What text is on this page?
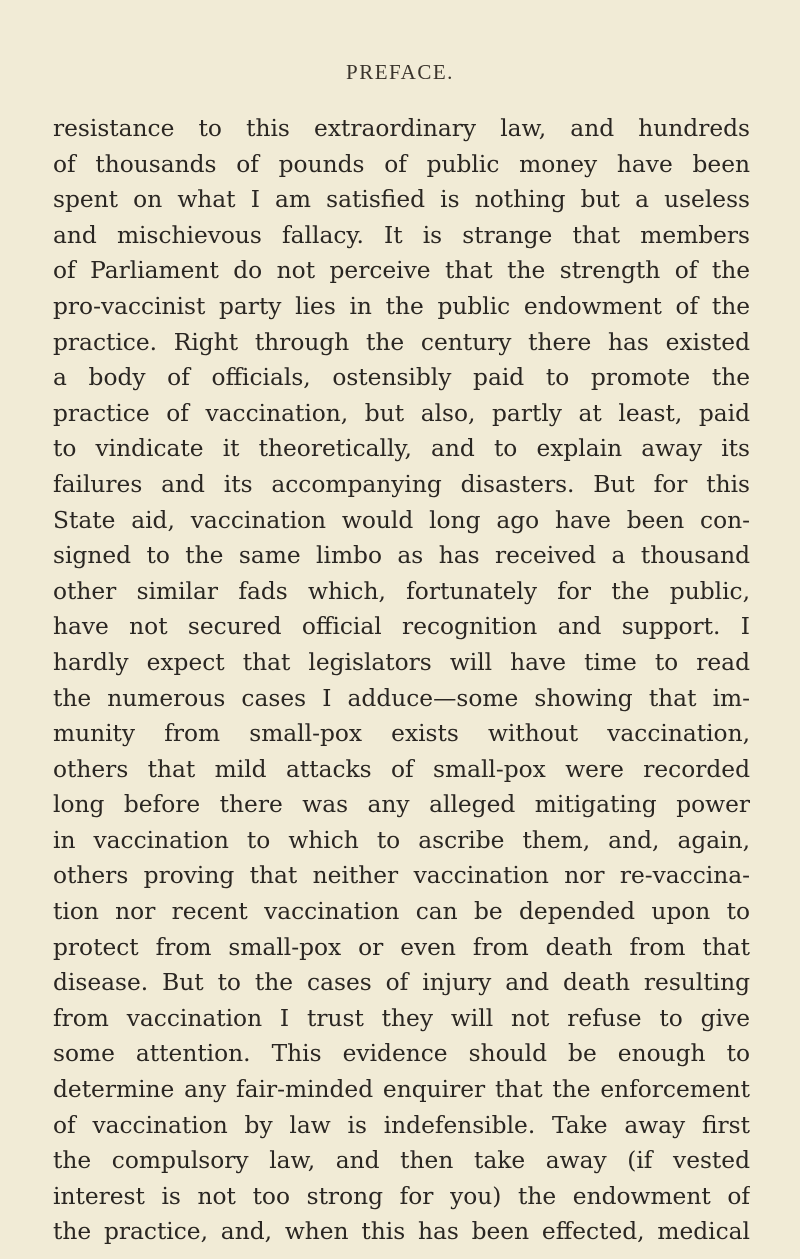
PREFACE.
resistance to this extraordinary law, and hundreds
of thousands of pounds of public money have been
spent on what I am satisfied is nothing but a useless
and mischievous fallacy. It is strange that members
of Parliament do not perceive that the strength of the
pro-vaccinist party lies in the public endowment of the
practice. Right through the century there has existed
a body of officials, ostensibly paid to promote the
practice of vaccination, but also, partly at least, paid
to vindicate it theoretically, and to explain away its
failures and its accompanying disasters. But for this
State aid, vaccination would long ago have been con-
signed to the same limbo as has received a thousand
other similar fads which, fortunately for the public,
have not secured official recognition and support. I
hardly expect that legislators will have time to read
the numerous cases I adduce—some showing that im-
munity from small-pox exists without vaccination,
others that mild attacks of small-pox were recorded
long before there was any alleged mitigating power
in vaccination to which to ascribe them, and, again,
others proving that neither vaccination nor re-vaccina-
tion nor recent vaccination can be depended upon to
protect from small-pox or even from death from that
disease. But to the cases of injury and death resulting
from vaccination I trust they will not refuse to give
some attention. This evidence should be enough to
determine any fair-minded enquirer that the enforcement
of vaccination by law is indefensible. Take away first
the compulsory law, and then take away (if vested
interest is not too strong for you) the endowment of
the practice, and, when this has been effected, medical
